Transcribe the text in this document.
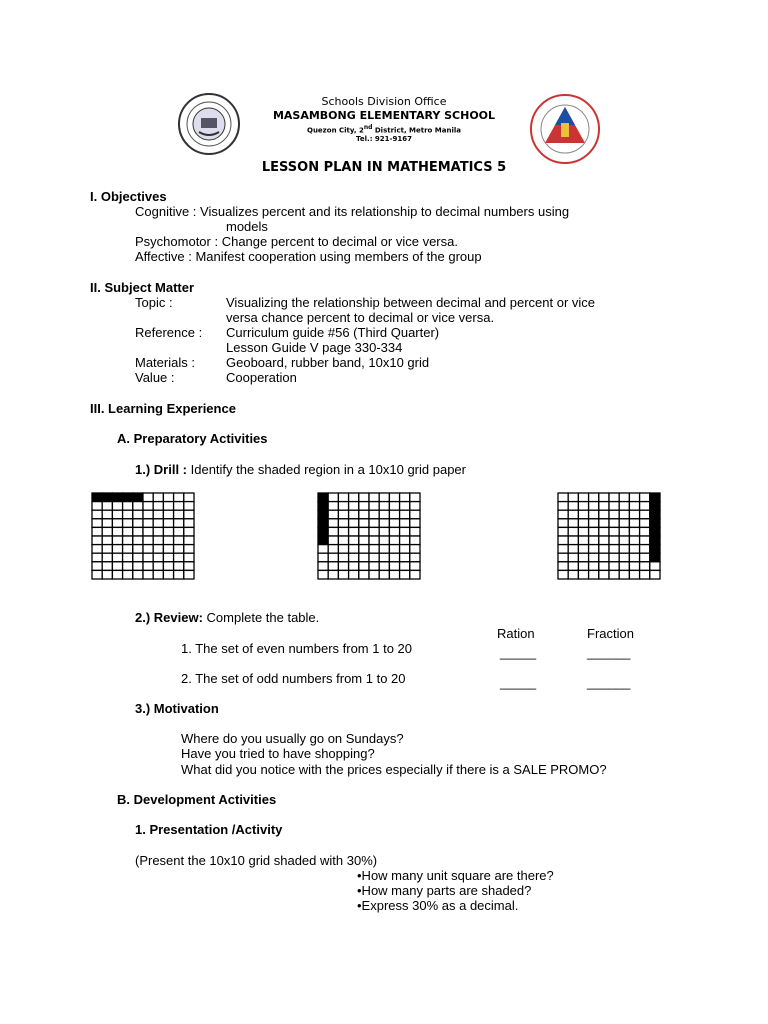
Schools Division Office
MASAMBONG ELEMENTARY SCHOOL
Quezon City, 2nd District, Metro Manila
Tel.: 921-9167
LESSON PLAN IN MATHEMATICS 5
I. Objectives
Cognitive : Visualizes percent and its relationship to decimal numbers using
models
Psychomotor : Change percent to decimal or vice versa.
Affective : Manifest cooperation using members of the group
II. Subject Matter
Topic :	Visualizing the relationship between decimal and percent or vice
versa chance percent to decimal or vice versa.
Reference : Curriculum guide #56 (Third Quarter)
Lesson Guide V page 330-334
Materials : Geoboard, rubber band, 10x10 grid
Value :	Cooperation
III. Learning Experience
A. Preparatory Activities
1.) Drill : Identify the shaded region in a 10x10 grid paper
2.) Review: Complete the table.
Ration	Fraction
1. The set of even numbers from 1 to 20	_____	______
2. The set of odd numbers from 1 to 20	_____	______
3.) Motivation
Where do you usually go on Sundays?
Have you tried to have shopping?
What did you notice with the prices especially if there is a SALE PROMO?
B. Development Activities
1. Presentation /Activity
(Present the 10x10 grid shaded with 30%)
•How many unit square are there?
•How many parts are shaded?
•Express 30% as a decimal.
